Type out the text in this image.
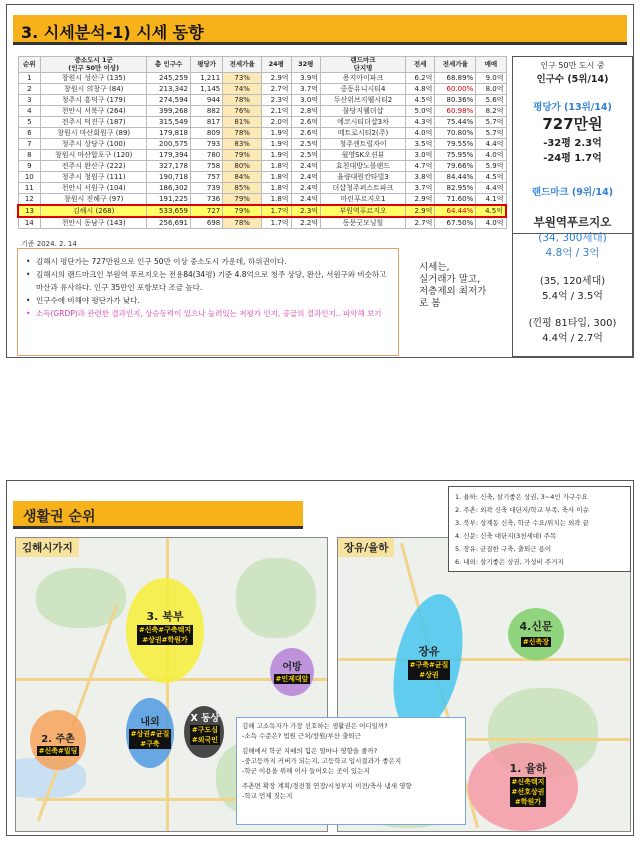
3. 시세분석-1) 시세 동향
순위	중소도시 1군
(인구 50만 이상)	총 인구수	평당가	전세가율	24평	32평	랜드마크
단지명	전세	전세가율	매매
1	창원시 성산구 (135)	245,259	1,211	73%	2.9억	3.9억	용지아이파크	6.2억	68.89%	9.0억
2	창원시 의창구 (84)	213,342	1,145	74%	2.7억	3.7억	중동유니시티4	4.8억	60.00%	8.0억
3	청주시 흥덕구 (179)	274,594	944	78%	2.3억	3.0억	두산위브지웰시티2	4.5억	80.36%	5.6억
4	천안시 서북구 (264)	399,268	882	76%	2.1억	2.8억	불당지웰더샵	5.0억	60.98%	8.2억
5	전주시 덕진구 (187)	315,549	817	81%	2.0억	2.6억	에코시티더샵3차	4.3억	75.44%	5.7억
6	창원시 마산회원구 (89)	179,818	809	78%	1.9억	2.6억	메트로시티2(주)	4.0억	70.80%	5.7억
7	청주시 상당구 (100)	200,575	793	83%	1.9억	2.5억	청주센트럴자이	3.5억	79.55%	4.4억
8	창원시 마산합포구 (120)	179,394	780	79%	1.9억	2.5억	월영SK오션뷰	3.0억	75.95%	4.0억
9	전주시 완산구 (222)	327,178	758	80%	1.8억	2.4억	효천대방노블랜드	4.7억	79.66%	5.9억
10	청주시 청원구 (111)	190,718	757	84%	1.8억	2.4억	율량대원칸타빌3	3.8억	84.44%	4.5억
11	천안시 서원구 (104)	186,302	739	85%	1.8억	2.4억	더샵청주퍼스트파크	3.7억	82.95%	4.4억
12	창원시 진해구 (97)	191,225	736	79%	1.8억	2.4억	마린푸르지오1	2.9억	71.60%	4.1억
13	김해시 (268)	533,659	727	79%	1.7억	2.3억	부원역푸르지오	2.9억	64.44%	4.5억
14	천안시 동남구 (143)	256,691	698	78%	1.7억	2.2억	동문굿모닝힐	2.7억	67.50%	4.0억
기준 2024. 2. 14
• 김해시 평단가는 727만원으로 인구 50만 이상 중소도시 가운데, 하위권이다.
• 김해시의 랜드마크인 부원역 푸르지오는 전용84(34평) 기준 4.8억으로 청주 상당, 완산, 서원구와 비슷하고 마산과 유사하다. 인구 35만인 포항보다 조금 높다.
• 인구수에 비해야 평단가가 낮다.
• 소득(GRDP)과 관련한 결과인지, 상승동력이 있으나 눌려있는 저평가 인지, 공급의 결과인지.. 파악해 보기
시세는,
실거래가 말고,
저층제외 최저가
로 봄
인구 50만 도시 중
인구수 (5위/14)
평당가 (13위/14)
727만원
-32평 2.3억
-24평 1.7억
랜드마크 (9위/14)
부원역푸르지오
(34, 300세대)
4.8억 / 3억
(35, 120세대)
5.4억 / 3.5억
(낀평 81타입, 300)
4.4억 / 2.7억
생활권 순위
1. 율하: 신축, 살기좋은 상권, 3~4인 가구수요
2. 주촌: 외곽 신축 대단지/학교 부족, 축사 이슈
3. 북부: 상계동 신축, 학군 수요/위치는 외곽 끝
4. 신문: 신축 대단지(3천세대) 주목
5. 장유: 균질한 구축, 출퇴근 용이
6. 내외: 살기좋은 상권, 가성비 주거지
김해시가지
3. 북부
#신축#구축택지
#상권#학원가
어방
#인제대앞
내외
#상권#균질
#구축
X 동상
#구도심
#외국인
2. 주촌
#신축#빌딩
장유/율하
장유
#구축#균질
#상권
4.신문
#신축장
1. 율하
#신축택지
#선호상권
#학원가
김해 고소득자가 가장 선호하는 생활권은 어디일까?
-소득 수준은? 법원 근처/창원/부산 출퇴근
김해에서 학군 지배의 힘은 얼마나 영향을 줄까?
-중고등까지 커버가 되는지, 고등학교 입시결과가 좋은지
-학군 이용을 위해 이사 들어오는 곳이 있는지
주촌면 확장 계획/경전철 연장/시청부지 이전/축사 냄새 영향
-학교 언제 짓는지
